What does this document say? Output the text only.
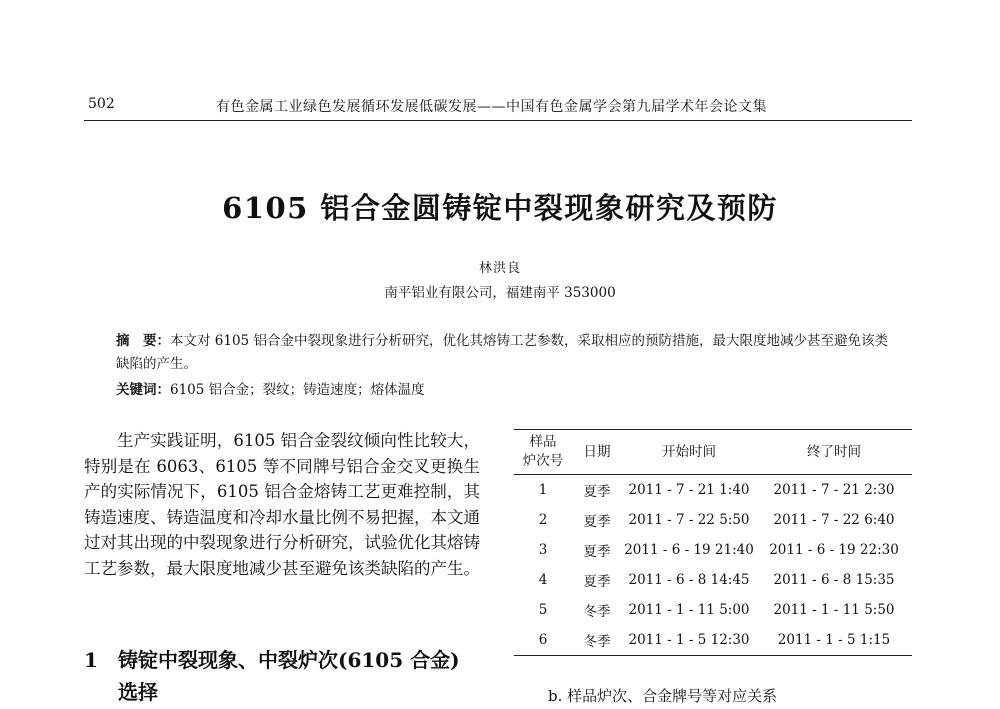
502	有色金属工业绿色发展循环发展低碳发展——中国有色金属学会第九届学术年会论文集
6105 铝合金圆铸锭中裂现象研究及预防
林洪良
南平铝业有限公司，福建南平 353000
摘　要：本文对 6105 铝合金中裂现象进行分析研究，优化其熔铸工艺参数，采取相应的预防措施，最大限度地减少甚至避免该类缺陷的产生。
关键词：6105 铝合金；裂纹；铸造速度；熔体温度
生产实践证明，6105 铝合金裂纹倾向性比较大，特别是在 6063、6105 等不同牌号铝合金交叉更换生产的实际情况下，6105 铝合金熔铸工艺更难控制，其铸造速度、铸造温度和冷却水量比例不易把握，本文通过对其出现的中裂现象进行分析研究，试验优化其熔铸工艺参数，最大限度地减少甚至避免该类缺陷的产生。
1 铸锭中裂现象、中裂炉次(6105 合金)选择
样品
炉次号	日期	开始时间	终了时间
1	夏季	2011 - 7 - 21 1:40	2011 - 7 - 21 2:30
2	夏季	2011 - 7 - 22 5:50	2011 - 7 - 22 6:40
3	夏季	2011 - 6 - 19 21:40	2011 - 6 - 19 22:30
4	夏季	2011 - 6 - 8 14:45	2011 - 6 - 8 15:35
5	冬季	2011 - 1 - 11 5:00	2011 - 1 - 11 5:50
6	冬季	2011 - 1 - 5 12:30	2011 - 1 - 5 1:15
b. 样品炉次、合金牌号等对应关系
